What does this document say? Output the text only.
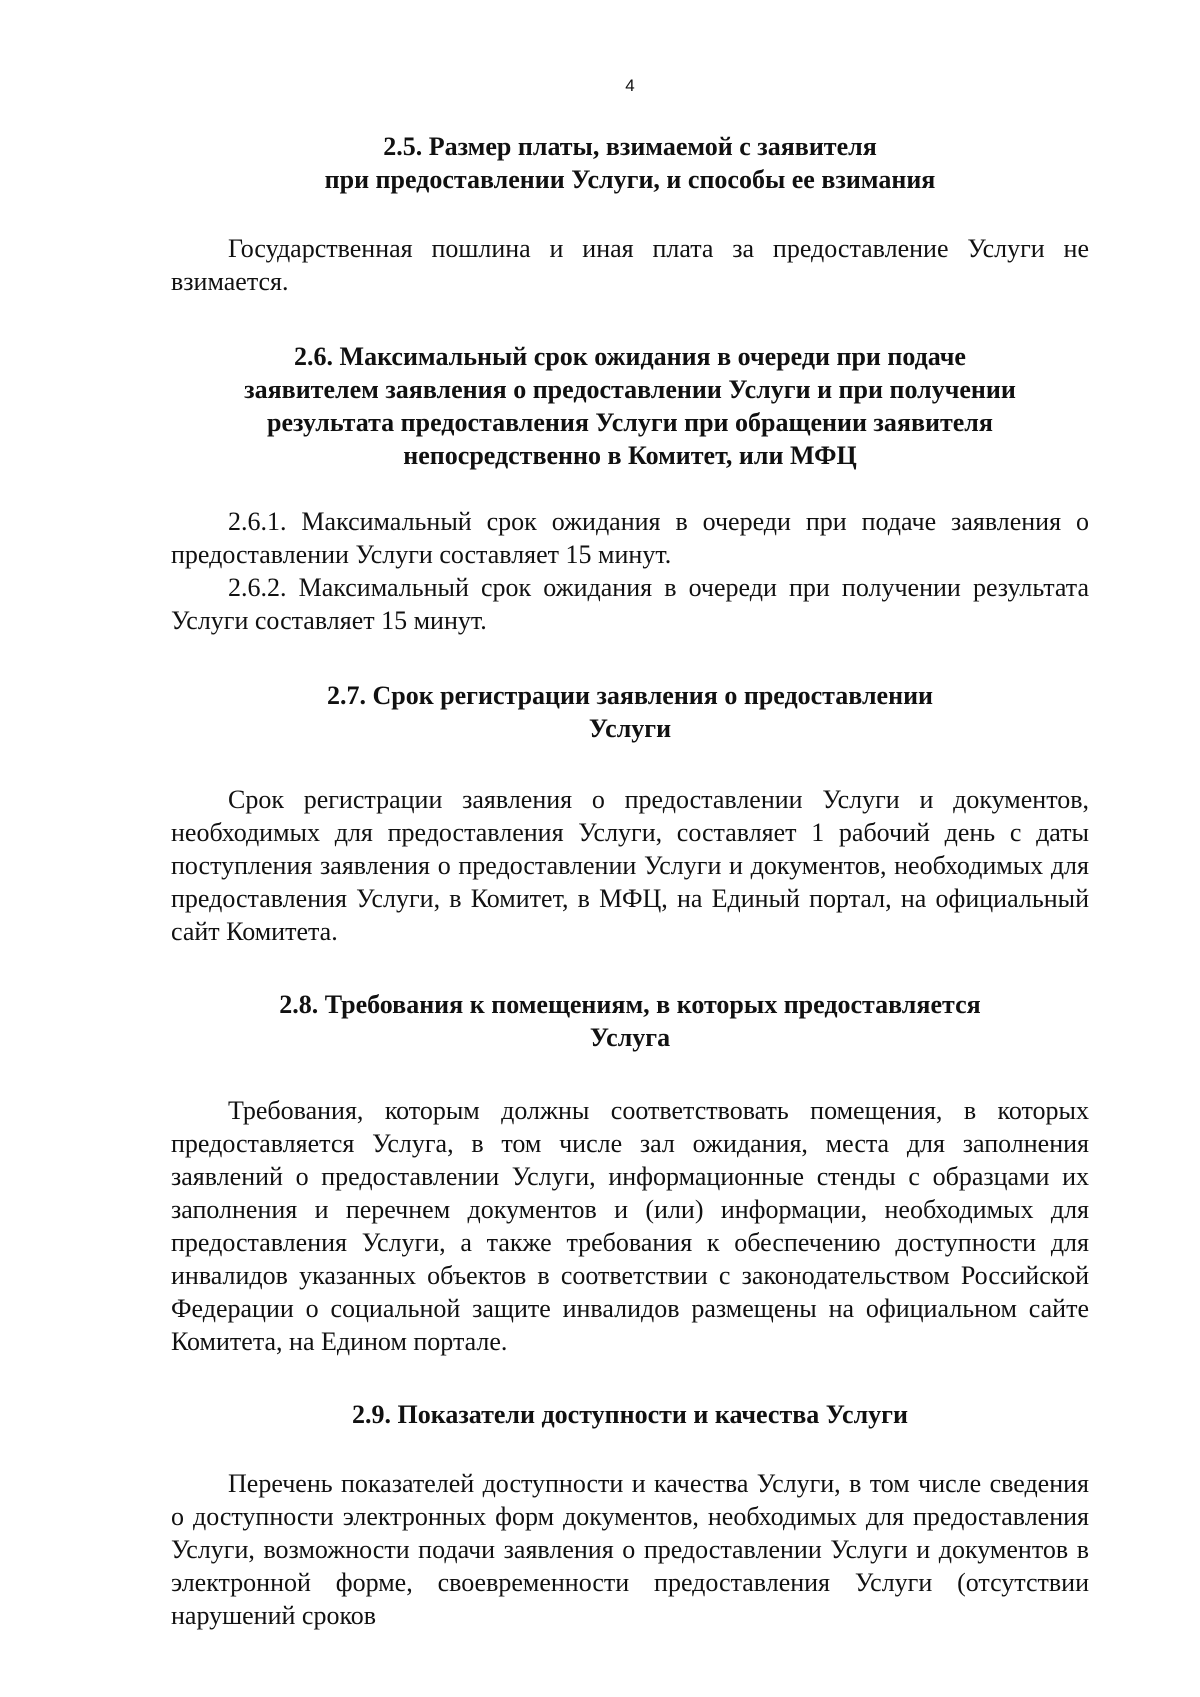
4
2.5. Размер платы, взимаемой с заявителя
при предоставлении Услуги, и способы ее взимания

Государственная пошлина и иная плата за предоставление Услуги не взимается.

2.6. Максимальный срок ожидания в очереди при подаче
заявителем заявления о предоставлении Услуги и при получении
результата предоставления Услуги при обращении заявителя
непосредственно в Комитет, или МФЦ

2.6.1. Максимальный срок ожидания в очереди при подаче заявления о предоставлении Услуги составляет 15 минут.

2.6.2. Максимальный срок ожидания в очереди при получении результата Услуги составляет 15 минут.

2.7. Срок регистрации заявления о предоставлении
Услуги

Срок регистрации заявления о предоставлении Услуги и документов, необходимых для предоставления Услуги, составляет 1 рабочий день с даты поступления заявления о предоставлении Услуги и документов, необходимых для предоставления Услуги, в Комитет, в МФЦ, на Единый портал, на официальный сайт Комитета.

2.8. Требования к помещениям, в которых предоставляется
Услуга

Требования, которым должны соответствовать помещения, в которых предоставляется Услуга, в том числе зал ожидания, места для заполнения заявлений о предоставлении Услуги, информационные стенды с образцами их заполнения и перечнем документов и (или) информации, необходимых для предоставления Услуги, а также требования к обеспечению доступности для инвалидов указанных объектов в соответствии с законодательством Российской Федерации о социальной защите инвалидов размещены на официальном сайте Комитета, на Едином портале.

2.9. Показатели доступности и качества Услуги

Перечень показателей доступности и качества Услуги, в том числе сведения о доступности электронных форм документов, необходимых для предоставления Услуги, возможности подачи заявления о предоставлении Услуги и документов в электронной форме, своевременности предоставления Услуги (отсутствии нарушений сроков
